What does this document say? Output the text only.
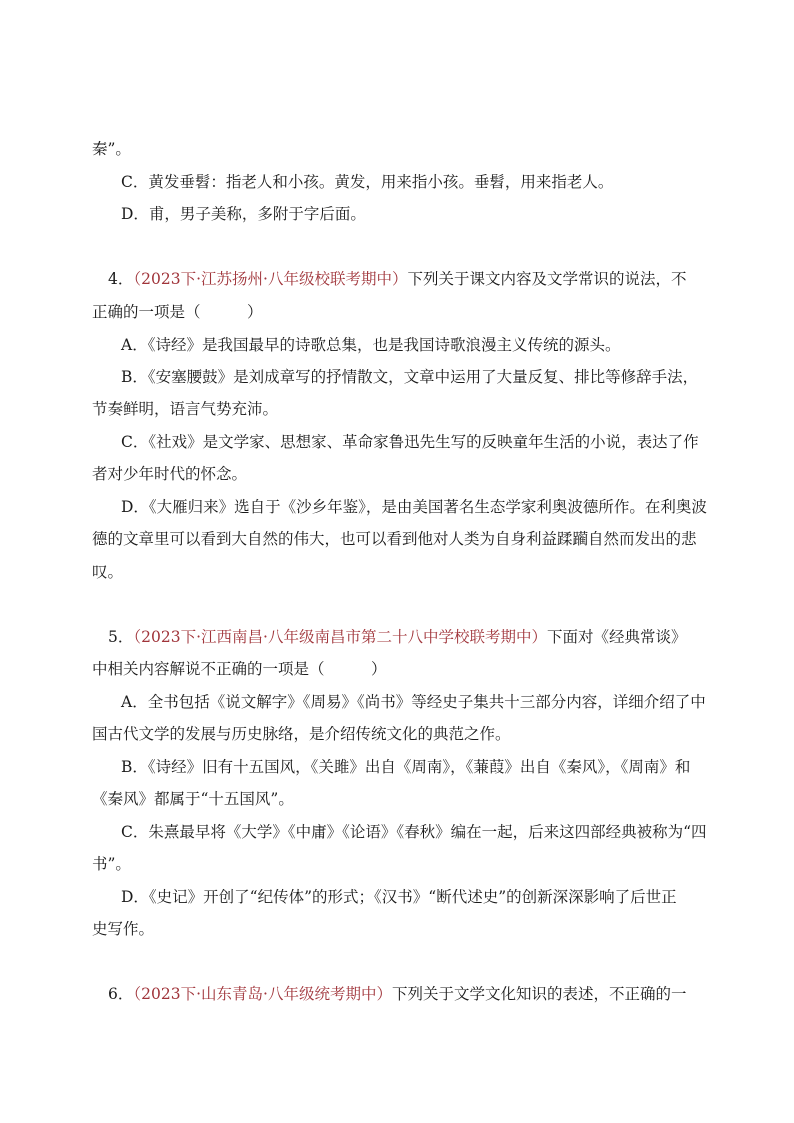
秦”。
C．黄发垂髫：指老人和小孩。黄发，用来指小孩。垂髫，用来指老人。
D．甫，男子美称，多附于字后面。
4．（2023下·江苏扬州·八年级校联考期中）下列关于课文内容及文学常识的说法，不
正确的一项是（　　　）
A．《诗经》是我国最早的诗歌总集，也是我国诗歌浪漫主义传统的源头。
B．《安塞腰鼓》是刘成章写的抒情散文，文章中运用了大量反复、排比等修辞手法，
节奏鲜明，语言气势充沛。
C．《社戏》是文学家、思想家、革命家鲁迅先生写的反映童年生活的小说，表达了作
者对少年时代的怀念。
D．《大雁归来》选自于《沙乡年鉴》，是由美国著名生态学家利奥波德所作。在利奥波
德的文章里可以看到大自然的伟大，也可以看到他对人类为自身利益蹂躏自然而发出的悲
叹。
5．（2023下·江西南昌·八年级南昌市第二十八中学校联考期中）下面对《经典常谈》
中相关内容解说不正确的一项是（　　　）
A．全书包括《说文解字》《周易》《尚书》等经史子集共十三部分内容，详细介绍了中
国古代文学的发展与历史脉络，是介绍传统文化的典范之作。
B．《诗经》旧有十五国风，《关雎》出自《周南》，《蒹葭》出自《秦风》，《周南》和
《秦风》都属于“十五国风”。
C．朱熹最早将《大学》《中庸》《论语》《春秋》编在一起，后来这四部经典被称为“四
书”。
D．《史记》开创了“纪传体”的形式；《汉书》“断代述史”的创新深深影响了后世正
史写作。
6．（2023下·山东青岛·八年级统考期中）下列关于文学文化知识的表述，不正确的一
